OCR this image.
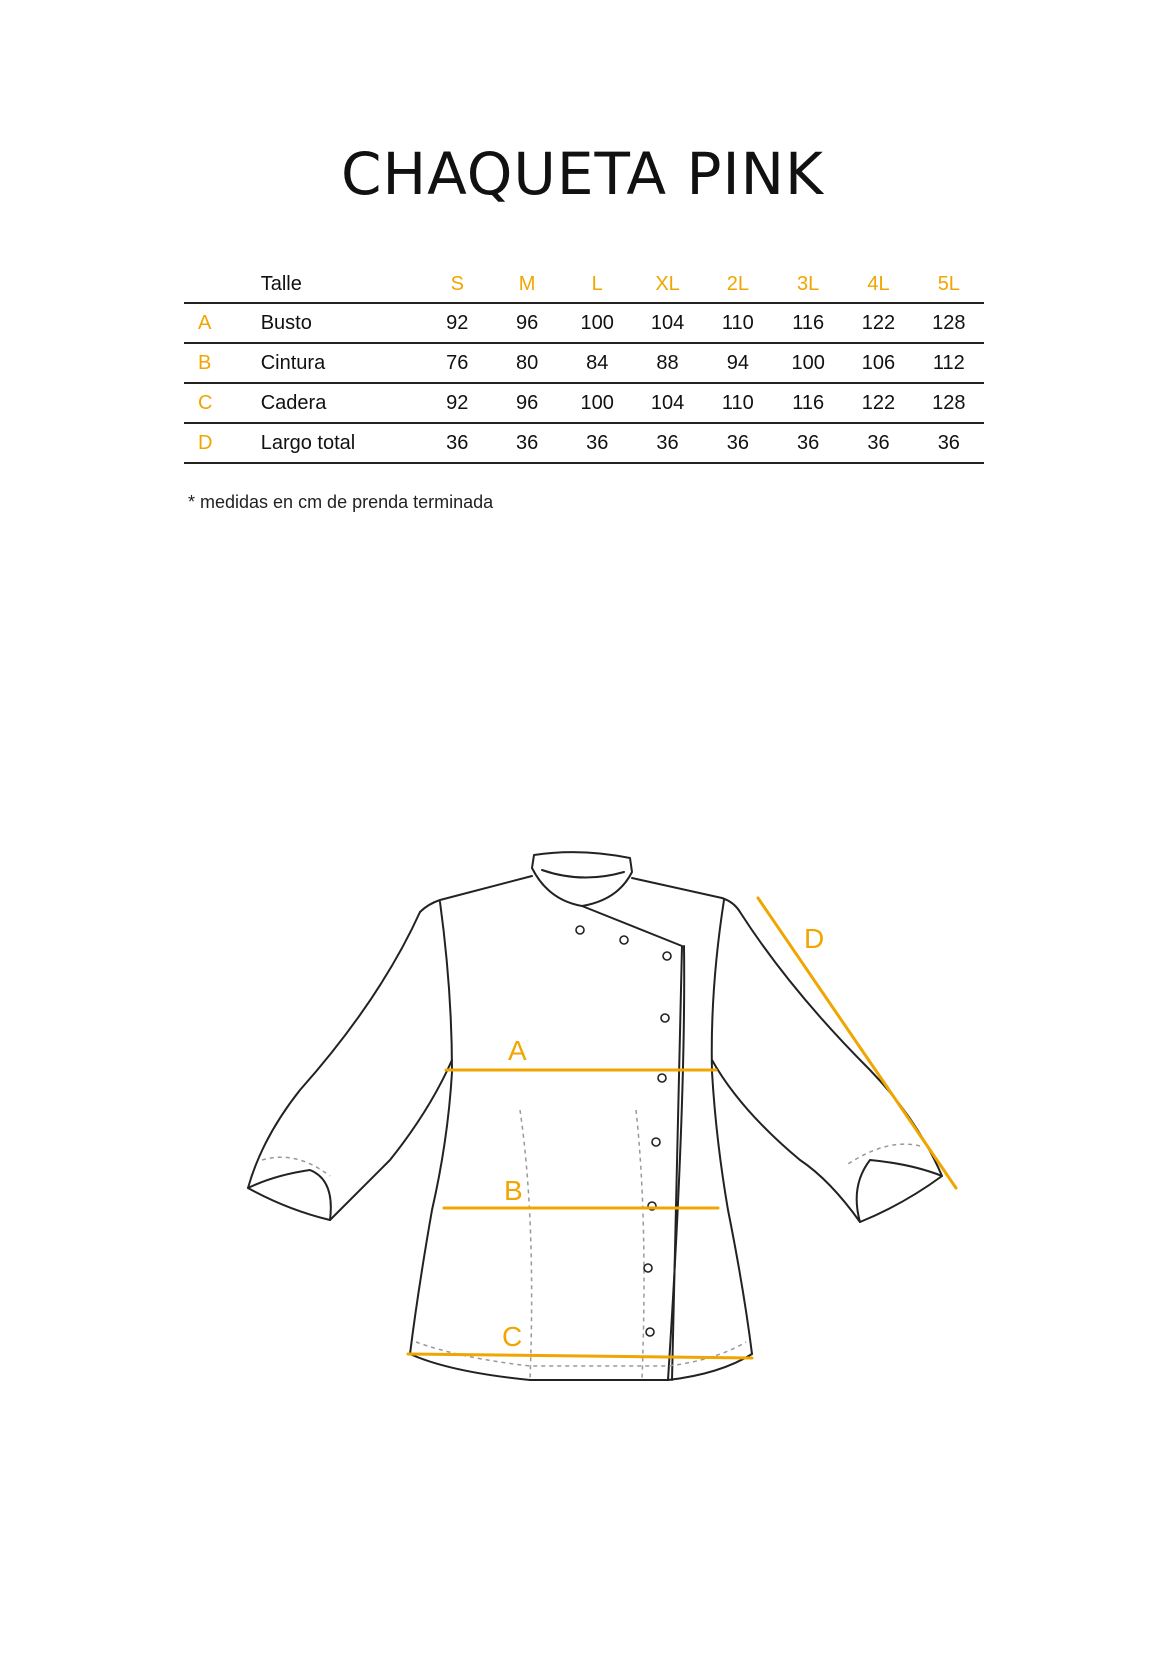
CHAQUETA PINK
	Talle	S	M	L	XL	2L	3L	4L	5L
A	Busto	92	96	100	104	110	116	122	128
B	Cintura	76	80	84	88	94	100	106	112
C	Cadera	92	96	100	104	110	116	122	128
D	Largo total	36	36	36	36	36	36	36	36

* medidas en cm de prenda terminada

A
B
C
D
